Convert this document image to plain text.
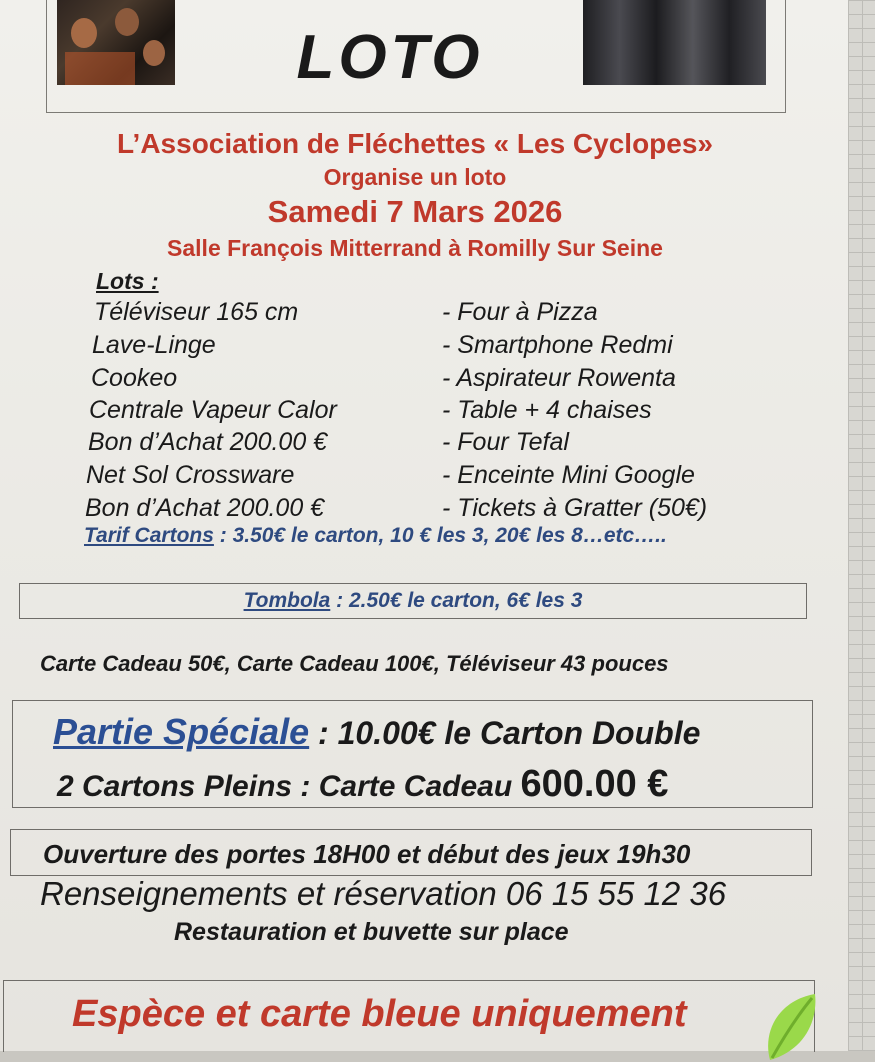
LOTO
L’Association de Fléchettes « Les Cyclopes»
Organise un loto
Samedi 7 Mars 2026
Salle François Mitterrand à Romilly Sur Seine
Lots :
Téléviseur 165 cm
Lave-Linge
Cookeo
Centrale Vapeur Calor
Bon d’Achat 200.00 €
Net Sol Crossware
Bon d’Achat 200.00 €
- Four à Pizza
- Smartphone Redmi
- Aspirateur Rowenta
- Table + 4 chaises
- Four Tefal
- Enceinte Mini Google
- Tickets à Gratter (50€)
Tarif Cartons : 3.50€ le carton, 10 € les 3, 20€ les 8…etc…..
Tombola : 2.50€ le carton, 6€ les 3
Carte Cadeau 50€, Carte Cadeau 100€, Téléviseur 43 pouces
Partie Spéciale : 10.00€ le Carton Double
2 Cartons Pleins : Carte Cadeau 600.00 €
Ouverture des portes 18H00 et début des jeux 19h30
Renseignements et réservation 06 15 55 12 36
Restauration et buvette sur place
Espèce et carte bleue uniquement
